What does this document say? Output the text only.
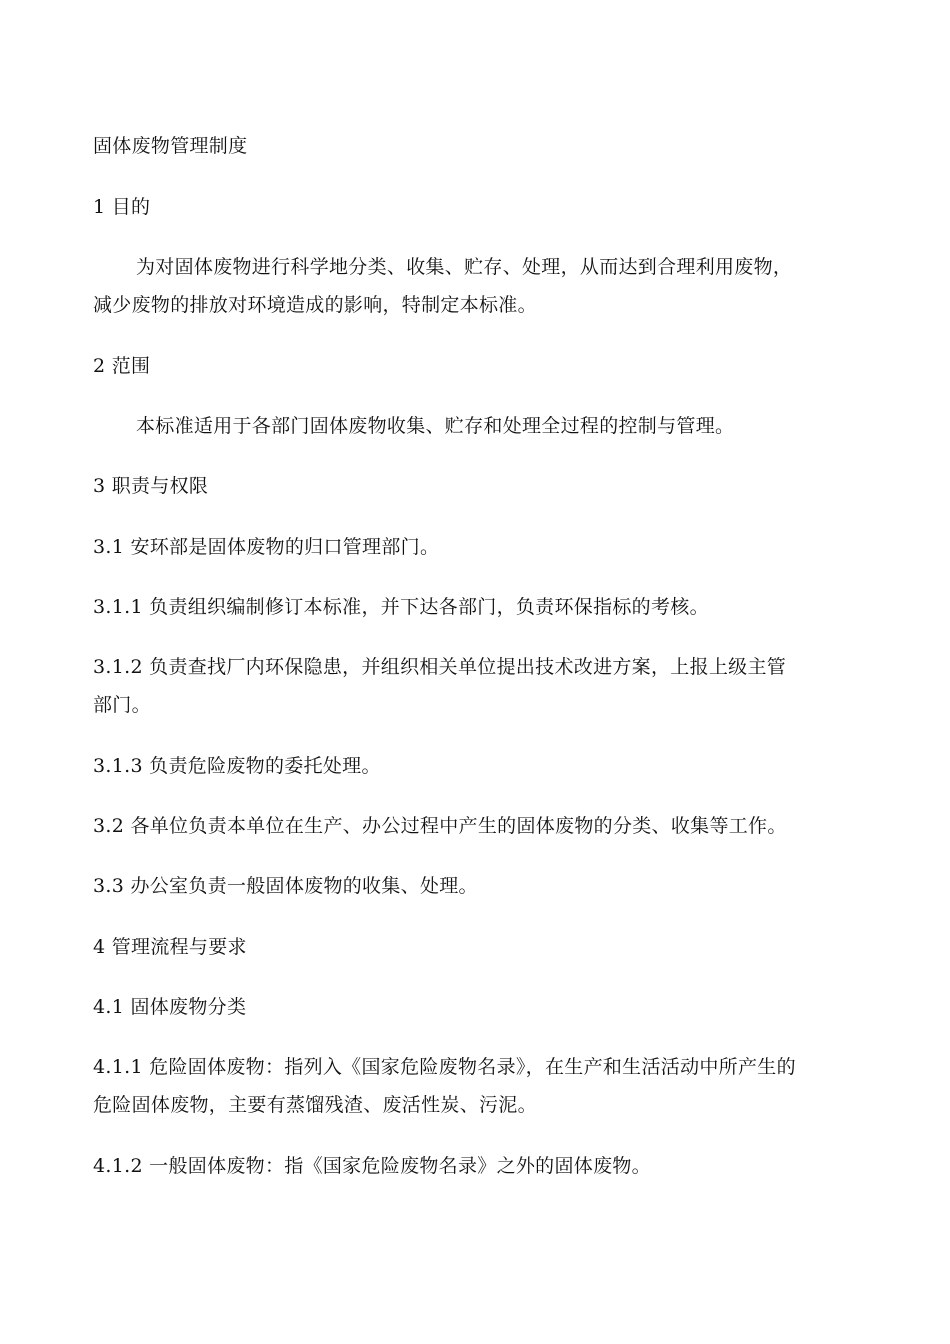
固体废物管理制度
1 目的
为对固体废物进行科学地分类、收集、贮存、处理，从而达到合理利用废物，
减少废物的排放对环境造成的影响，特制定本标准。
2 范围
本标准适用于各部门固体废物收集、贮存和处理全过程的控制与管理。
3 职责与权限
3.1 安环部是固体废物的归口管理部门。
3.1.1 负责组织编制修订本标准，并下达各部门，负责环保指标的考核。
3.1.2 负责查找厂内环保隐患，并组织相关单位提出技术改进方案，上报上级主管
部门。
3.1.3 负责危险废物的委托处理。
3.2 各单位负责本单位在生产、办公过程中产生的固体废物的分类、收集等工作。
3.3 办公室负责一般固体废物的收集、处理。
4 管理流程与要求
4.1 固体废物分类
4.1.1 危险固体废物：指列入《国家危险废物名录》，在生产和生活活动中所产生的
危险固体废物，主要有蒸馏残渣、废活性炭、污泥。
4.1.2 一般固体废物：指《国家危险废物名录》之外的固体废物。
